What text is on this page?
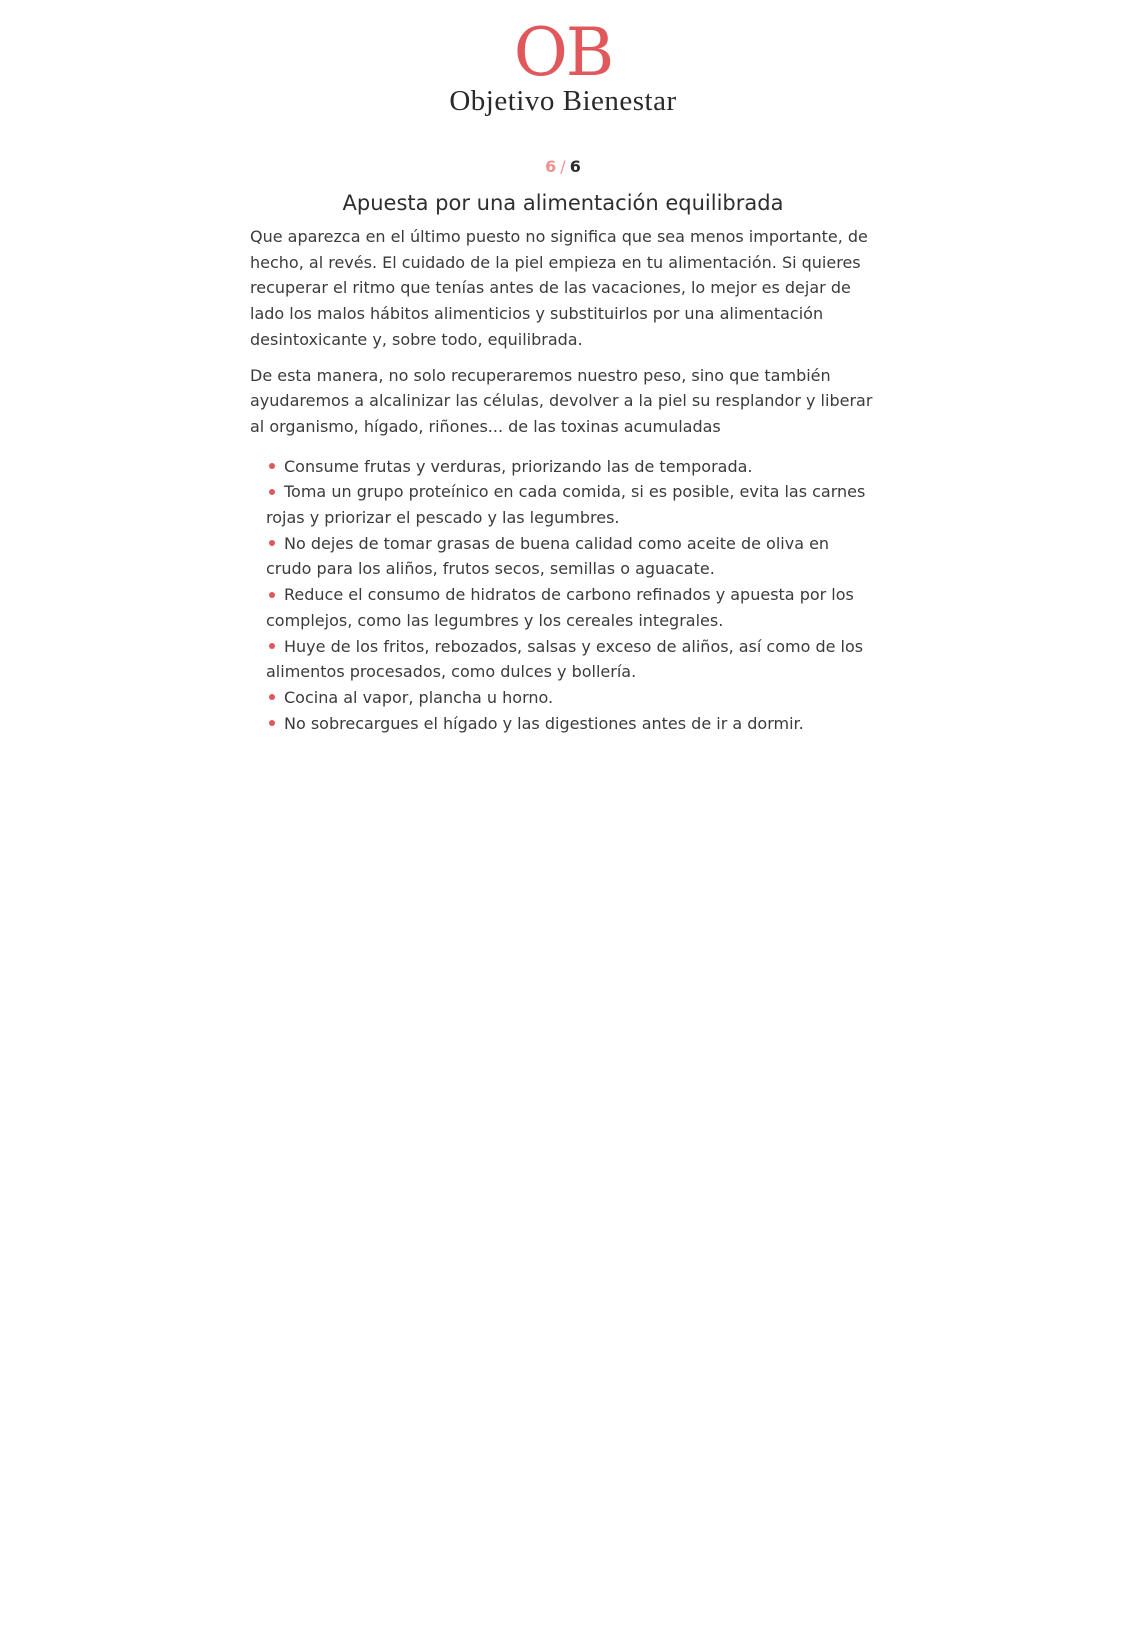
OB
Objetivo Bienestar
6 / 6
Apuesta por una alimentación equilibrada

Que aparezca en el último puesto no significa que sea menos importante, de hecho, al revés. El cuidado de la piel empieza en tu alimentación. Si quieres recuperar el ritmo que tenías antes de las vacaciones, lo mejor es dejar de lado los malos hábitos alimenticios y substituirlos por una alimentación desintoxicante y, sobre todo, equilibrada.

De esta manera, no solo recuperaremos nuestro peso, sino que también ayudaremos a alcalinizar las células, devolver a la piel su resplandor y liberar al organismo, hígado, riñones... de las toxinas acumuladas

Consume frutas y verduras, priorizando las de temporada.
Toma un grupo proteínico en cada comida, si es posible, evita las carnes rojas y priorizar el pescado y las legumbres.
No dejes de tomar grasas de buena calidad como aceite de oliva en crudo para los aliños, frutos secos, semillas o aguacate.
Reduce el consumo de hidratos de carbono refinados y apuesta por los complejos, como las legumbres y los cereales integrales.
Huye de los fritos, rebozados, salsas y exceso de aliños, así como de los alimentos procesados, como dulces y bollería.
Cocina al vapor, plancha u horno.
No sobrecargues el hígado y las digestiones antes de ir a dormir.
